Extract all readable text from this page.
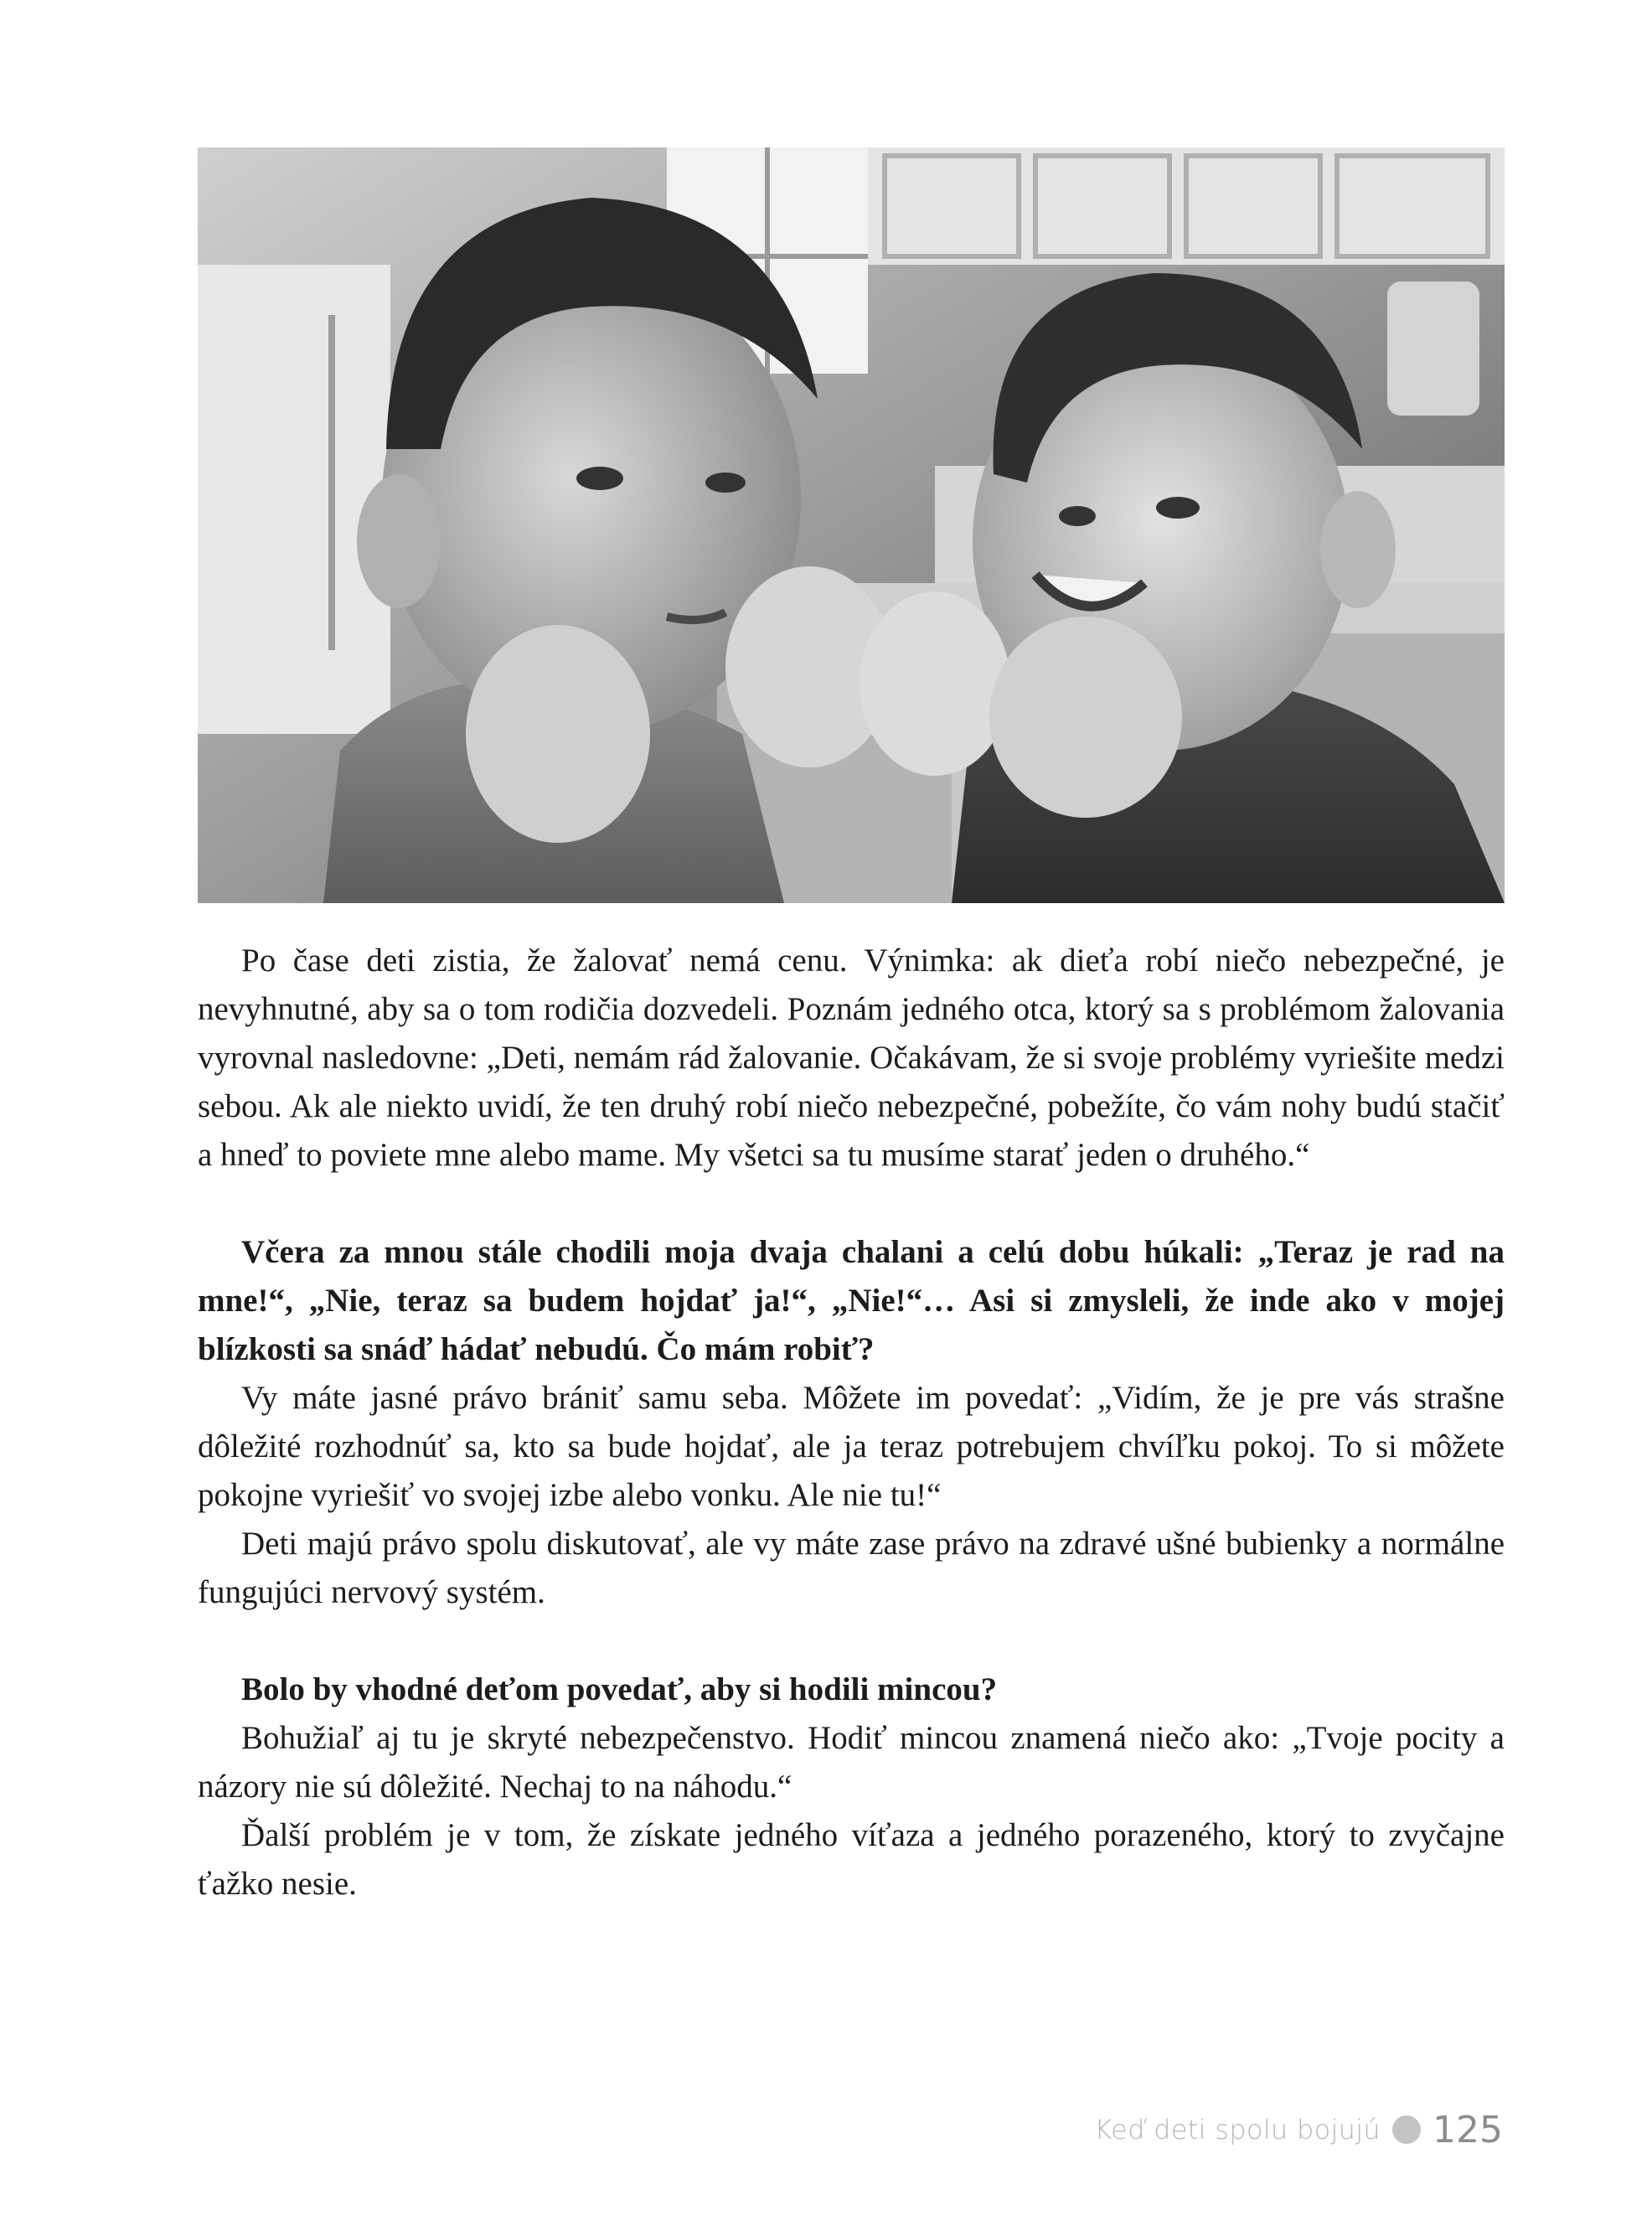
Po čase deti zistia, že žalovať nemá cenu. Výnimka: ak dieťa robí niečo nebezpečné, je nevyhnutné, aby sa o tom rodičia dozvedeli. Poznám jedného otca, ktorý sa s problémom žalovania vyrovnal nasledovne: „Deti, nemám rád žalovanie. Očakávam, že si svoje problémy vyriešite medzi sebou. Ak ale niekto uvidí, že ten druhý robí niečo nebezpečné, pobežíte, čo vám nohy budú stačiť a hneď to poviete mne alebo mame. My všetci sa tu musíme starať jeden o druhého.“

Včera za mnou stále chodili moja dvaja chalani a celú dobu húkali: „Teraz je rad na mne!“, „Nie, teraz sa budem hojdať ja!“, „Nie!“… Asi si zmysleli, že inde ako v mojej blízkosti sa snáď hádať nebudú. Čo mám robiť?

Vy máte jasné právo brániť samu seba. Môžete im povedať: „Vidím, že je pre vás strašne dôležité rozhodnúť sa, kto sa bude hojdať, ale ja teraz potrebujem chvíľku pokoj. To si môžete pokojne vyriešiť vo svojej izbe alebo vonku. Ale nie tu!“

Deti majú právo spolu diskutovať, ale vy máte zase právo na zdravé ušné bubienky a normálne fungujúci nervový systém.

Bolo by vhodné deťom povedať, aby si hodili mincou?

Bohužiaľ aj tu je skryté nebezpečenstvo. Hodiť mincou znamená niečo ako: „Tvoje pocity a názory nie sú dôležité. Nechaj to na náhodu.“

Ďalší problém je v tom, že získate jedného víťaza a jedného porazeného, ktorý to zvyčajne ťažko nesie.

Keď deti spolu bojujú 125
